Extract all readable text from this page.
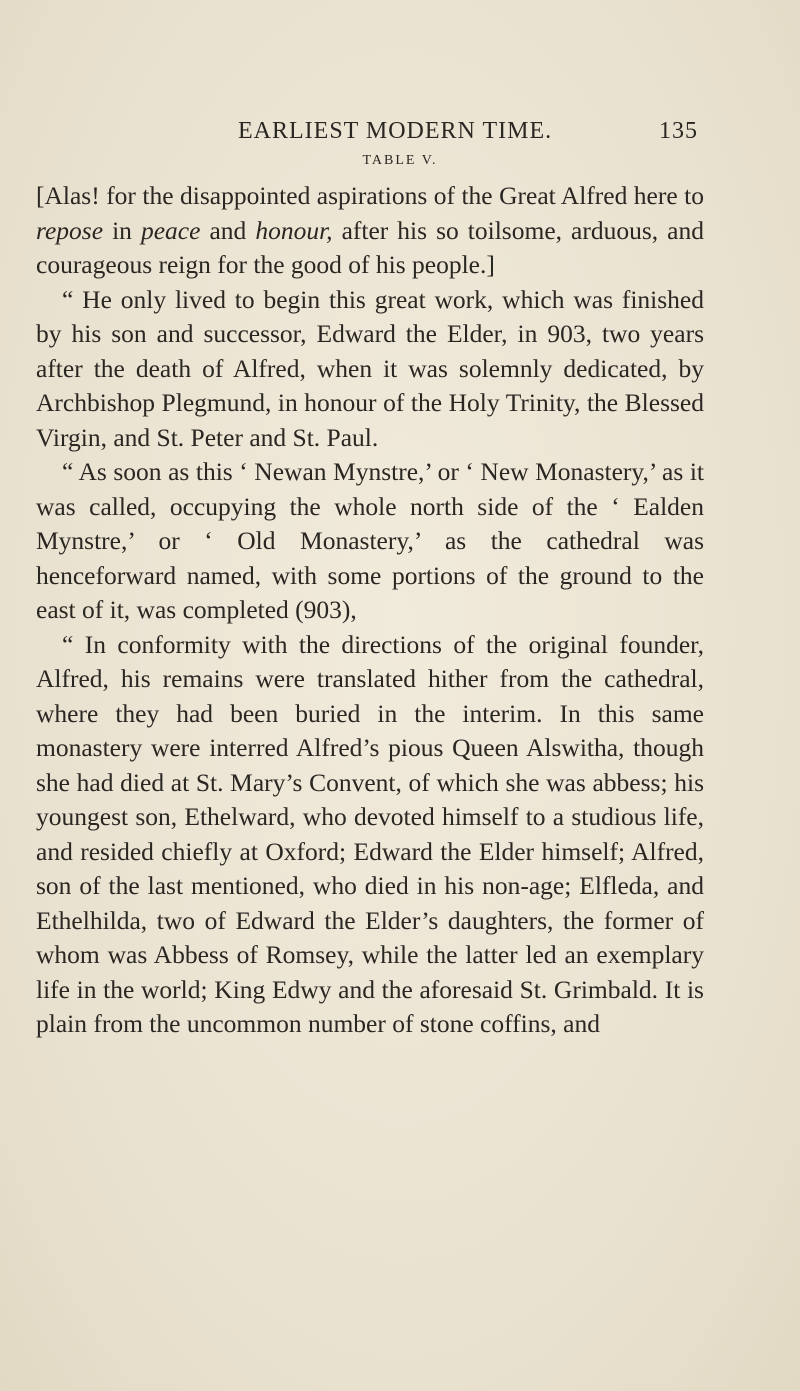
EARLIEST MODERN TIME.	135
TABLE V.

[Alas! for the disappointed aspirations of the Great Alfred here to repose in peace and honour, after his so toilsome, arduous, and courageous reign for the good of his people.]

“ He only lived to begin this great work, which was finished by his son and successor, Edward the Elder, in 903, two years after the death of Alfred, when it was solemnly dedicated, by Archbishop Plegmund, in honour of the Holy Trinity, the Blessed Virgin, and St. Peter and St. Paul.

“ As soon as this ‘ Newan Mynstre,’ or ‘ New Monastery,’ as it was called, occupying the whole north side of the ‘ Ealden Mynstre,’ or ‘ Old Monastery,’ as the cathedral was henceforward named, with some portions of the ground to the east of it, was completed (903),

“ In conformity with the directions of the original founder, Alfred, his remains were translated hither from the cathedral, where they had been buried in the interim. In this same monastery were interred Alfred’s pious Queen Alswitha, though she had died at St. Mary’s Convent, of which she was abbess; his youngest son, Ethelward, who devoted himself to a studious life, and resided chiefly at Oxford; Edward the Elder himself; Alfred, son of the last mentioned, who died in his non-age; Elfleda, and Ethelhilda, two of Edward the Elder’s daughters, the former of whom was Abbess of Romsey, while the latter led an exemplary life in the world; King Edwy and the aforesaid St. Grimbald. It is plain from the uncommon number of stone coffins, and
